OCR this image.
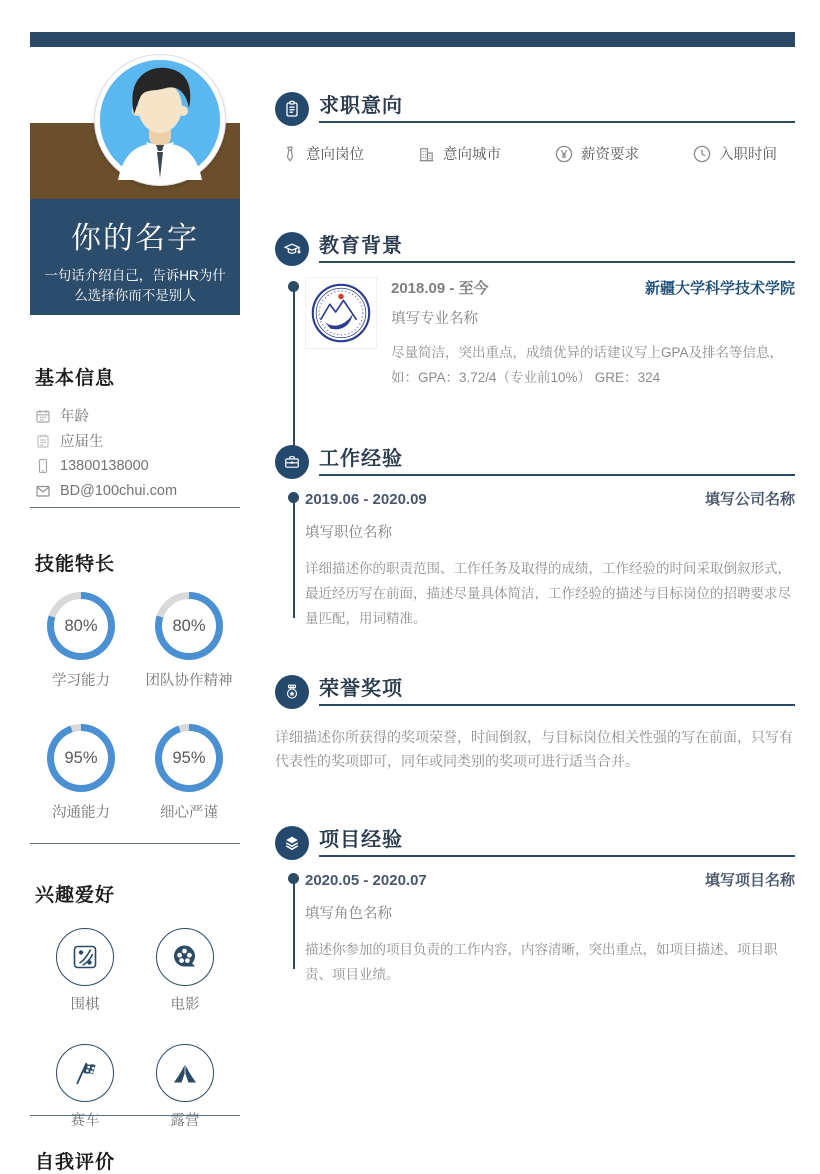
你的名字
一句话介绍自己，告诉HR为什么选择你而不是别人
基本信息
年龄
应届生
13800138000
BD@100chui.com
技能特长
80%
学习能力
80%
团队协作精神
95%
沟通能力
95%
细心严谨
兴趣爱好
围棋	电影
赛车	露营
自我评价
求职意向
意向岗位	意向城市	薪资要求	入职时间
教育背景
2018.09 - 至今	新疆大学科学技术学院
填写专业名称
尽量简洁，突出重点，成绩优异的话建议写上GPA及排名等信息，如：GPA：3.72/4（专业前10%） GRE：324
工作经验
2019.06 - 2020.09	填写公司名称
填写职位名称
详细描述你的职责范围、工作任务及取得的成绩，工作经验的时间采取倒叙形式，最近经历写在前面，描述尽量具体简洁，工作经验的描述与目标岗位的招聘要求尽量匹配，用词精准。
荣誉奖项
详细描述你所获得的奖项荣誉，时间倒叙，与目标岗位相关性强的写在前面，只写有代表性的奖项即可，同年或同类别的奖项可进行适当合并。
项目经验
2020.05 - 2020.07	填写项目名称
填写角色名称
描述你参加的项目负责的工作内容，内容清晰，突出重点，如项目描述、项目职责、项目业绩。
